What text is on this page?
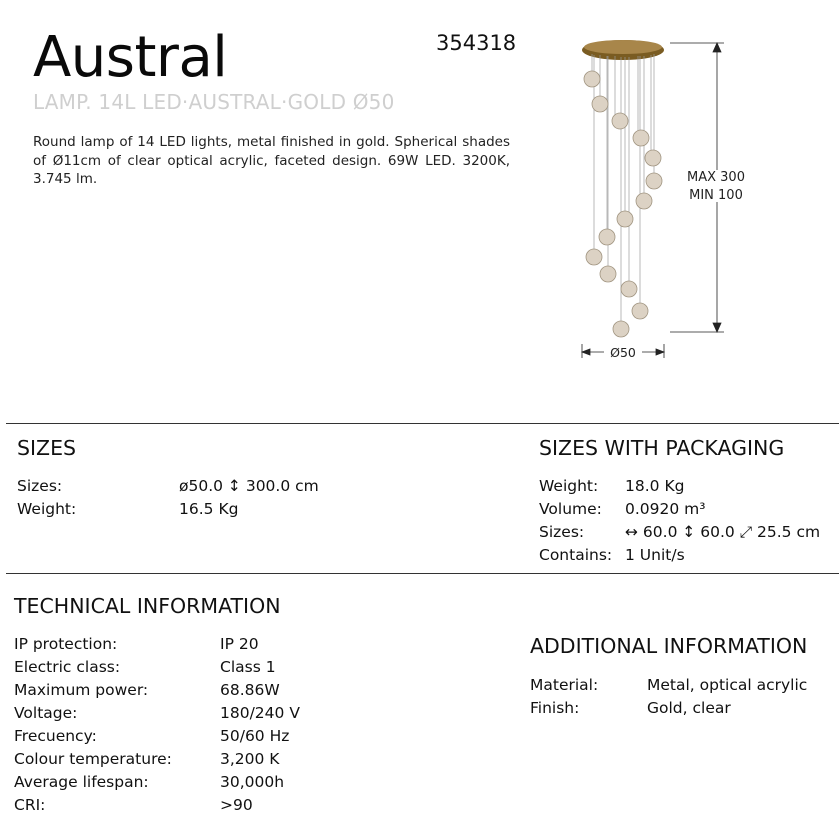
Austral	354318
LAMP. 14L LED·AUSTRAL·GOLD Ø50
Round lamp of 14 LED lights, metal finished in gold. Spherical shades of Ø11cm of clear optical acrylic, faceted design. 69W LED. 3200K, 3.745 lm.	MAX 300
MIN 100
Ø50
SIZES
Sizes:	ø50.0 ↕ 300.0 cm
Weight:	16.5 Kg
SIZES WITH PACKAGING
Weight: 18.0 Kg
Volume: 0.0920 m³
Sizes:	↔ 60.0 ↕ 60.0 ⤢ 25.5 cm
Contains: 1 Unit/s
TECHNICAL INFORMATION
IP protection:	IP 20
Electric class:	Class 1
Maximum power:	68.86W
Voltage:	180/240 V
Frecuency:	50/60 Hz
Colour temperature:	3,200 K
Average lifespan:	30,000h
CRI:	>90
ADDITIONAL INFORMATION
Material:	Metal, optical acrylic
Finish:	Gold, clear
